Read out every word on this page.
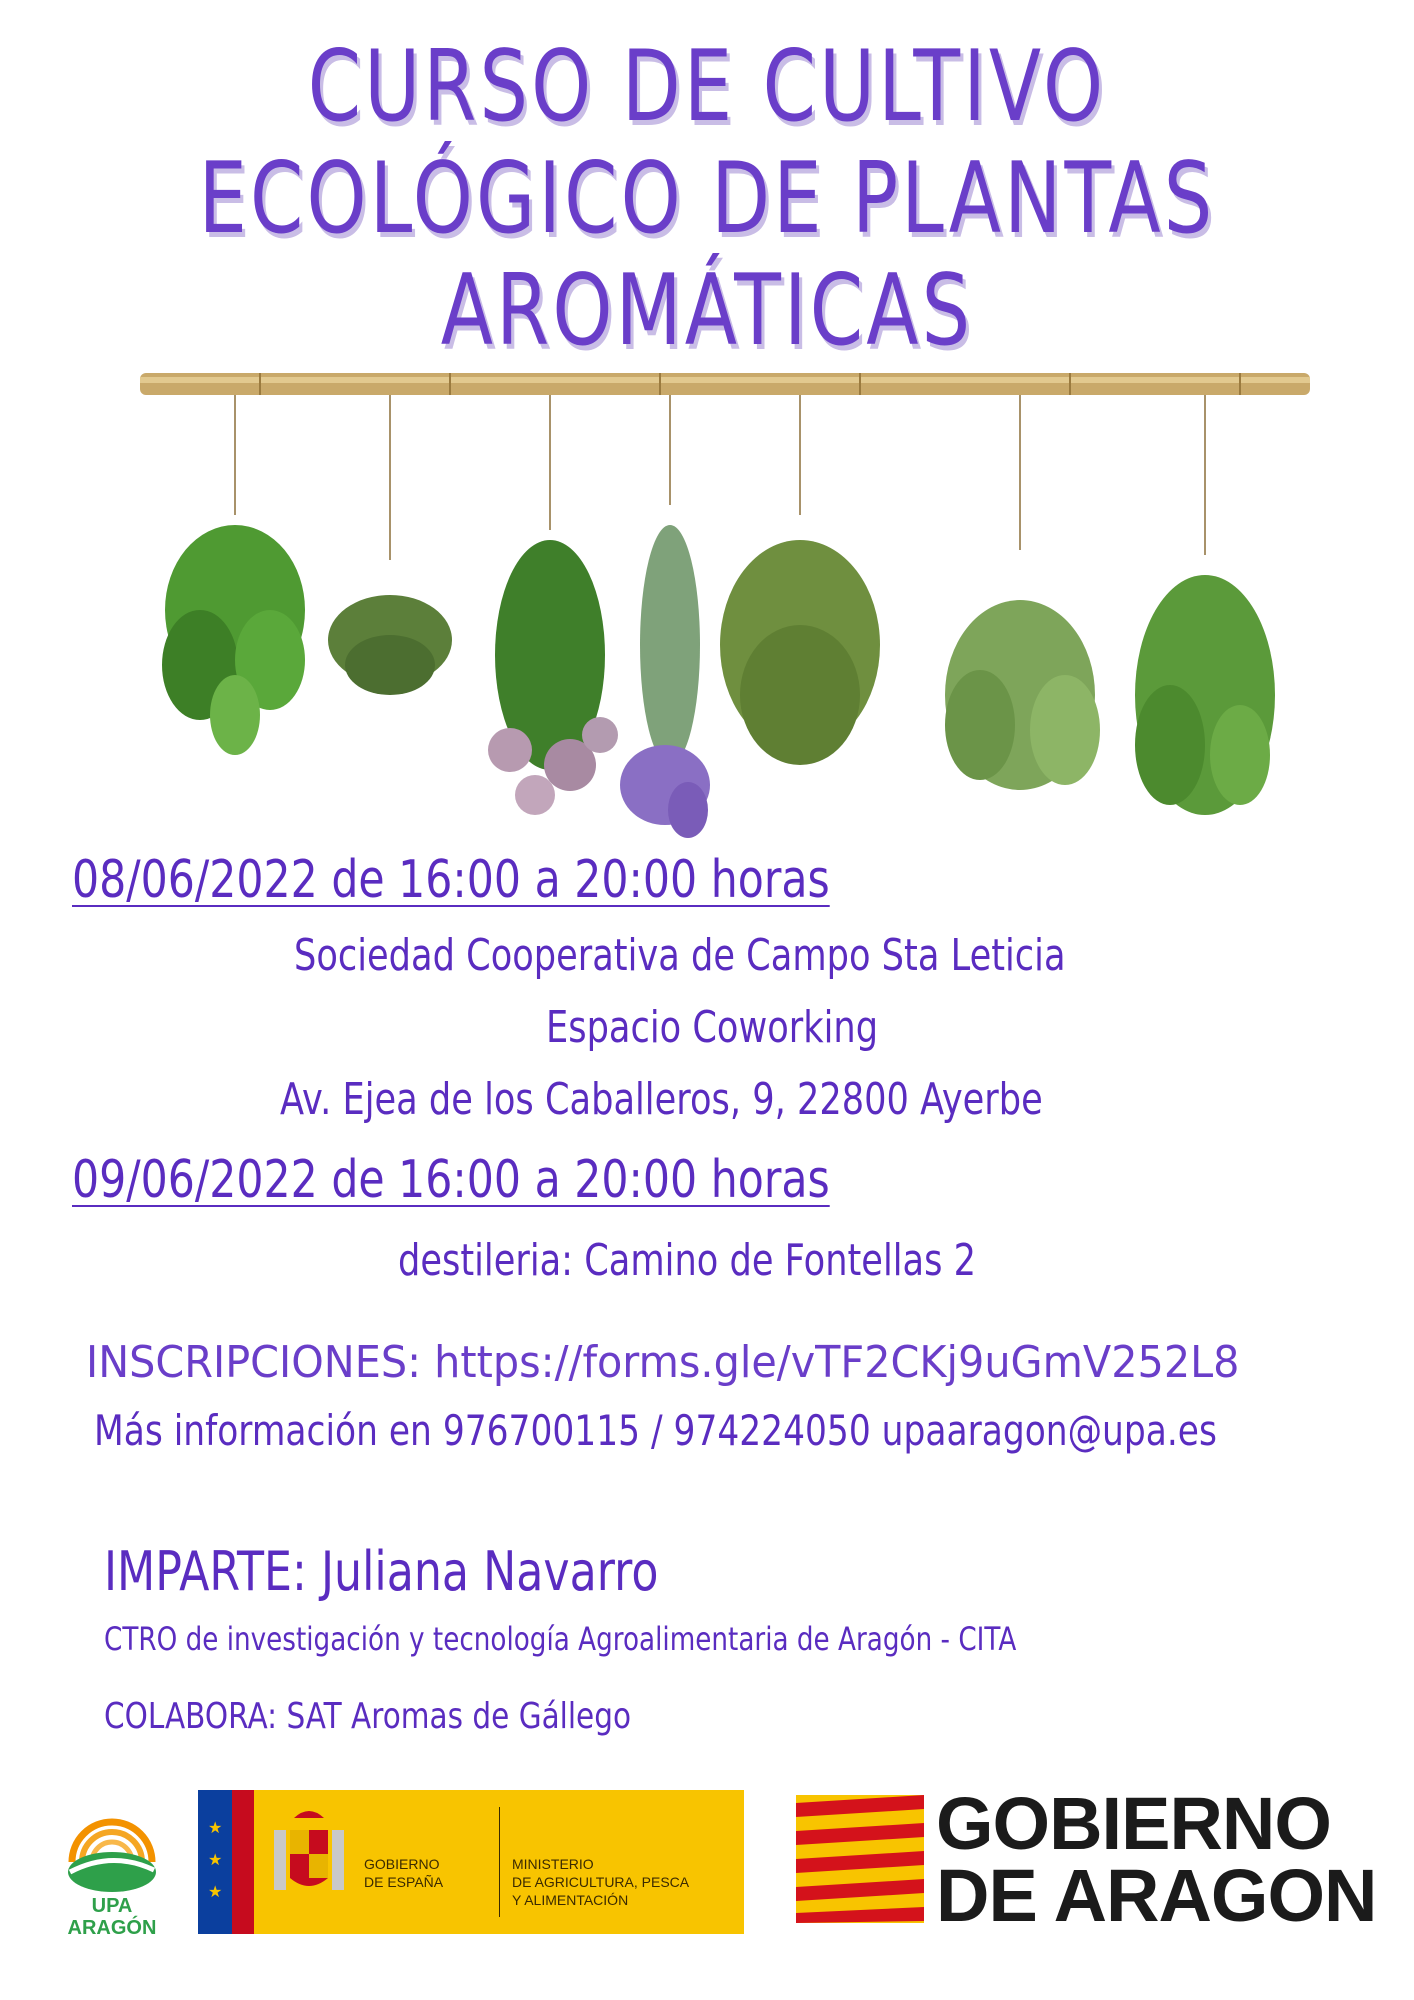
CURSO DE CULTIVO
ECOLÓGICO DE PLANTAS
AROMÁTICAS
08/06/2022 de 16:00 a 20:00 horas
Sociedad Cooperativa de Campo Sta Leticia
Espacio Coworking
Av. Ejea de los Caballeros, 9, 22800 Ayerbe
09/06/2022 de 16:00 a 20:00 horas
destileria: Camino de Fontellas 2
INSCRIPCIONES: https://forms.gle/vTF2CKj9uGmV252L8
Más información en 976700115 / 974224050 upaaragon@upa.es
IMPARTE: Juliana Navarro
CTRO de investigación y tecnología Agroalimentaria de Aragón - CITA
COLABORA: SAT Aromas de Gállego
UPA
ARAGÓN
★
★
★
GOBIERNO
DE ESPAÑA
MINISTERIO
DE AGRICULTURA, PESCA
Y ALIMENTACIÓN
GOBIERNO
DE ARAGON
